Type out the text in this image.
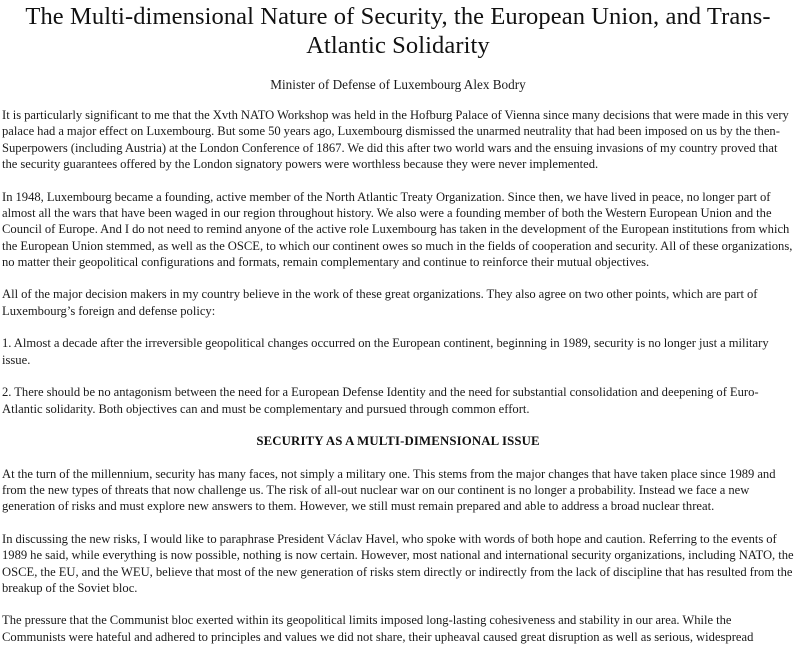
The Multi-dimensional Nature of Security, the European Union, and Trans-Atlantic Solidarity

Minister of Defense of Luxembourg Alex Bodry

It is particularly significant to me that the Xvth NATO Workshop was held in the Hofburg Palace of Vienna since many decisions that were made in this very palace had a major effect on Luxembourg. But some 50 years ago, Luxembourg dismissed the unarmed neutrality that had been imposed on us by the then-Superpowers (including Austria) at the London Conference of 1867. We did this after two world wars and the ensuing invasions of my country proved that the security guarantees offered by the London signatory powers were worthless because they were never implemented.

In 1948, Luxembourg became a founding, active member of the North Atlantic Treaty Organization. Since then, we have lived in peace, no longer part of almost all the wars that have been waged in our region throughout history. We also were a founding member of both the Western European Union and the Council of Europe. And I do not need to remind anyone of the active role Luxembourg has taken in the development of the European institutions from which the European Union stemmed, as well as the OSCE, to which our continent owes so much in the fields of cooperation and security. All of these organizations, no matter their geopolitical configurations and formats, remain complementary and continue to reinforce their mutual objectives.

All of the major decision makers in my country believe in the work of these great organizations. They also agree on two other points, which are part of Luxembourg’s foreign and defense policy:

1. Almost a decade after the irreversible geopolitical changes occurred on the European continent, beginning in 1989, security is no longer just a military issue.

2. There should be no antagonism between the need for a European Defense Identity and the need for substantial consolidation and deepening of Euro-Atlantic solidarity. Both objectives can and must be complementary and pursued through common effort.

SECURITY AS A MULTI-DIMENSIONAL ISSUE

At the turn of the millennium, security has many faces, not simply a military one. This stems from the major changes that have taken place since 1989 and from the new types of threats that now challenge us. The risk of all-out nuclear war on our continent is no longer a probability. Instead we face a new generation of risks and must explore new answers to them. However, we still must remain prepared and able to address a broad nuclear threat.

In discussing the new risks, I would like to paraphrase President Václav Havel, who spoke with words of both hope and caution. Referring to the events of 1989 he said, while everything is now possible, nothing is now certain. However, most national and international security organizations, including NATO, the OSCE, the EU, and the WEU, believe that most of the new generation of risks stem directly or indirectly from the lack of discipline that has resulted from the breakup of the Soviet bloc.

The pressure that the Communist bloc exerted within its geopolitical limits imposed long-lasting cohesiveness and stability in our area. While the Communists were hateful and adhered to principles and values we did not share, their upheaval caused great disruption as well as serious, widespread
